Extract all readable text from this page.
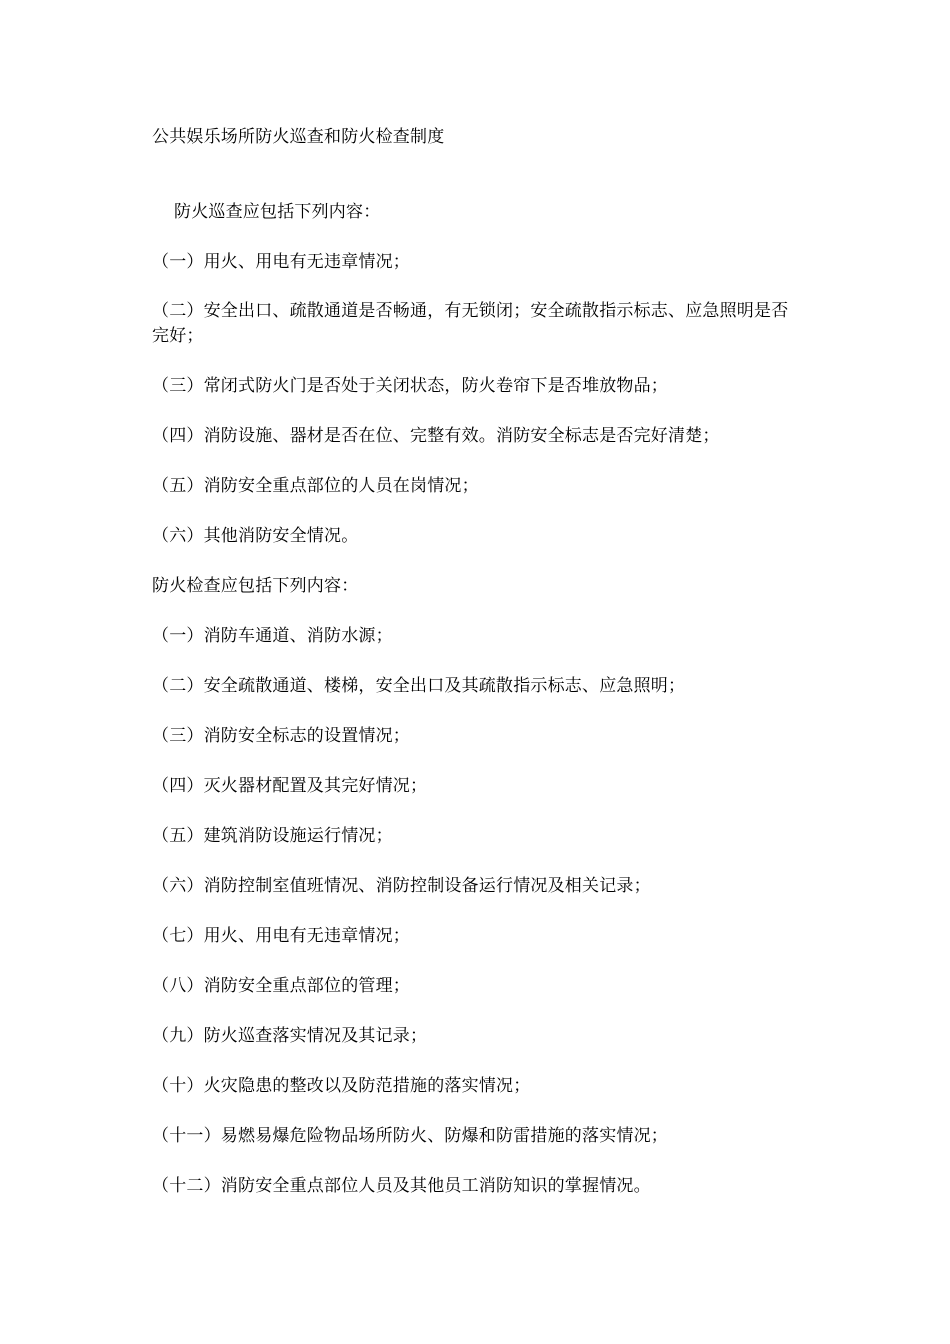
公共娱乐场所防火巡查和防火检查制度

防火巡查应包括下列内容：

（一）用火、用电有无违章情况；

（二）安全出口、疏散通道是否畅通，有无锁闭；安全疏散指示标志、应急照明是否完好；

（三）常闭式防火门是否处于关闭状态，防火卷帘下是否堆放物品；

（四）消防设施、器材是否在位、完整有效。消防安全标志是否完好清楚；

（五）消防安全重点部位的人员在岗情况；

（六）其他消防安全情况。

防火检查应包括下列内容：

（一）消防车通道、消防水源；

（二）安全疏散通道、楼梯，安全出口及其疏散指示标志、应急照明；

（三）消防安全标志的设置情况；

（四）灭火器材配置及其完好情况；

（五）建筑消防设施运行情况；

（六）消防控制室值班情况、消防控制设备运行情况及相关记录；

（七）用火、用电有无违章情况；

（八）消防安全重点部位的管理；

（九）防火巡查落实情况及其记录；

（十）火灾隐患的整改以及防范措施的落实情况；

（十一）易燃易爆危险物品场所防火、防爆和防雷措施的落实情况；

（十二）消防安全重点部位人员及其他员工消防知识的掌握情况。
